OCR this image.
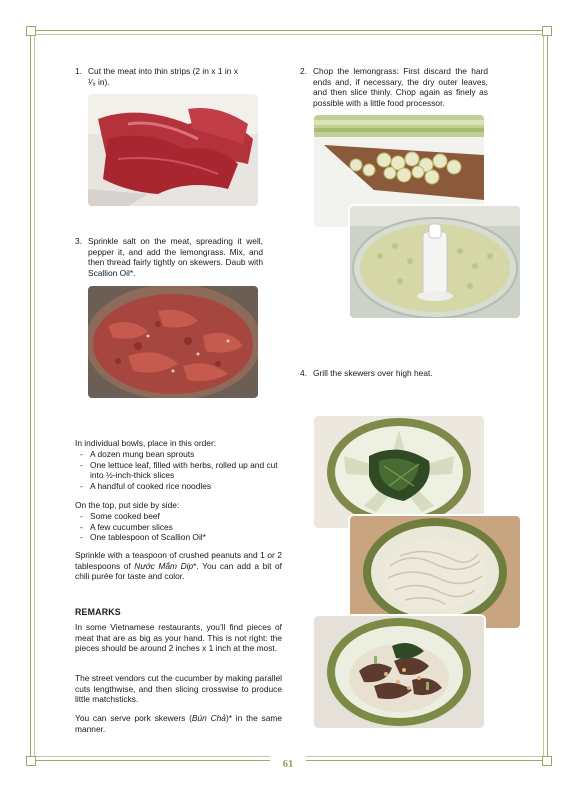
1. Cut the meat into thin strips (2 in x 1 in x ¹⁄₈ in).
2. Chop the lemongrass: First discard the hard ends and, if necessary, the dry outer leaves, and then slice thinly. Chop again as finely as possible with a little food processor.
3. Sprinkle salt on the meat, spreading it well, pepper it, and add the lemongrass. Mix, and then thread fairly tightly on skewers. Daub with Scallion Oil*.
4. Grill the skewers over high heat.
In individual bowls, place in this order:
- A dozen mung bean sprouts
- One lettuce leaf, filled with herbs, rolled up and cut into ½-inch-thick slices
- A handful of cooked rice noodles
On the top, put side by side:
- Some cooked beef
- A few cucumber slices
- One tablespoon of Scallion Oil*
Sprinkle with a teaspoon of crushed peanuts and 1 or 2 tablespoons of Nước Mắm Dip*. You can add a bit of chili purée for taste and color.
REMARKS
In some Vietnamese restaurants, you’ll find pieces of meat that are as big as your hand. This is not right: the pieces should be around 2 inches x 1 inch at the most.
The street vendors cut the cucumber by making parallel cuts lengthwise, and then slicing crosswise to produce little matchsticks.
You can serve pork skewers (Bún Chả)* in the same manner.
61
